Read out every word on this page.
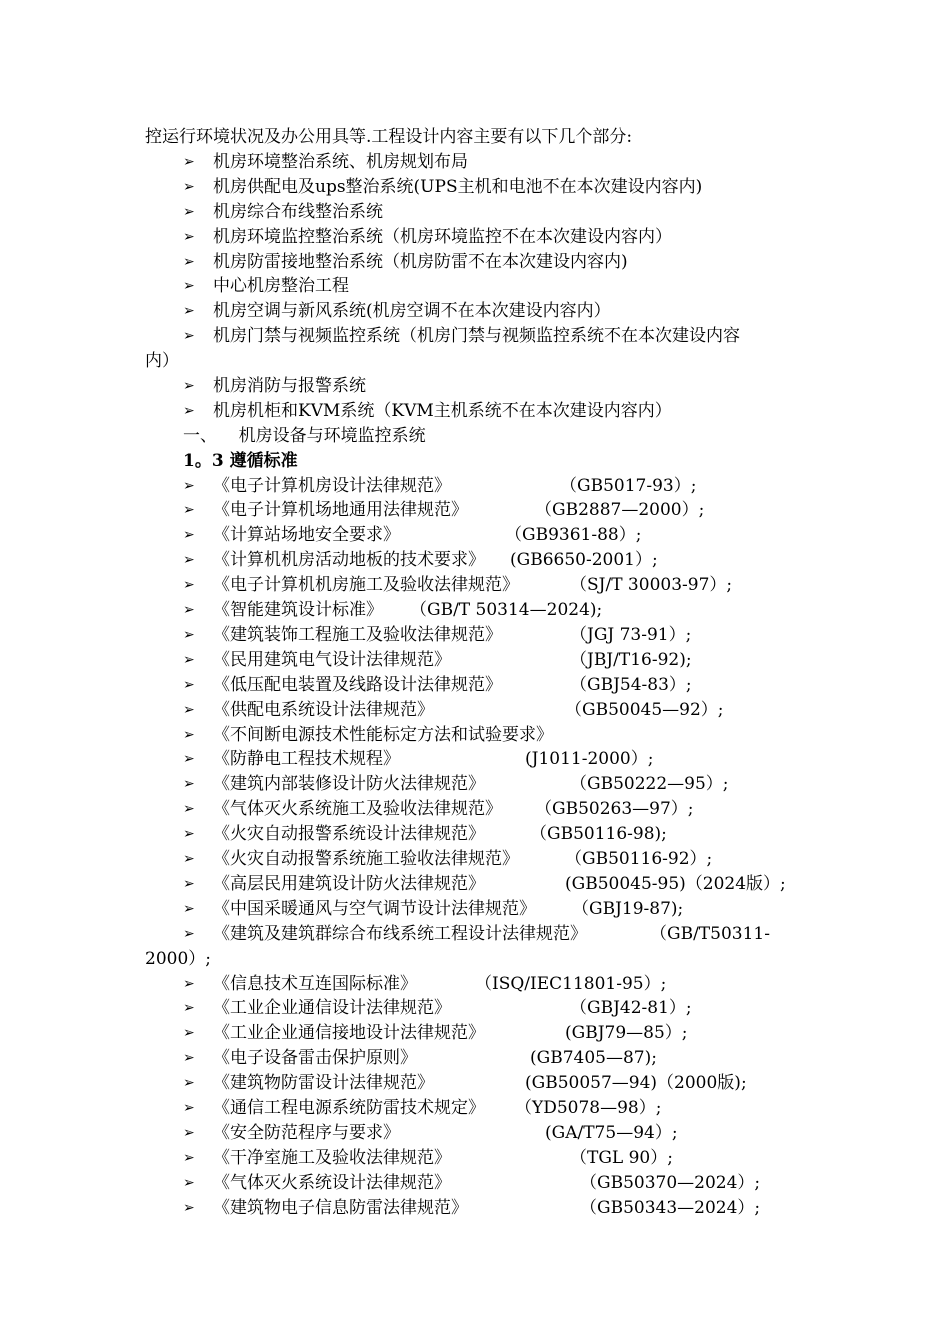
控运行环境状况及办公用具等.工程设计内容主要有以下几个部分:
➢ 机房环境整治系统、机房规划布局
➢ 机房供配电及ups整治系统(UPS主机和电池不在本次建设内容内)
➢ 机房综合布线整治系统
➢ 机房环境监控整治系统（机房环境监控不在本次建设内容内）
➢ 机房防雷接地整治系统（机房防雷不在本次建设内容内)
➢ 中心机房整治工程
➢ 机房空调与新风系统(机房空调不在本次建设内容内）
➢ 机房门禁与视频监控系统（机房门禁与视频监控系统不在本次建设内容
内）
➢ 机房消防与报警系统
➢ 机房机柜和KVM系统（KVM主机系统不在本次建设内容内）
一、    机房设备与环境监控系统
1。3 遵循标准
➢ 《电子计算机房设计法律规范》	（GB5017-93）;
➢ 《电子计算机场地通用法律规范》	（GB2887—2000）;
➢ 《计算站场地安全要求》	（GB9361-88）;
➢ 《计算机机房活动地板的技术要求》 (GB6650-2001）;
➢ 《电子计算机机房施工及验收法律规范》	（SJ/T 30003-97）;
➢ 《智能建筑设计标准》 （GB/T 50314—2024);
➢ 《建筑装饰工程施工及验收法律规范》	（JGJ 73-91）;
➢ 《民用建筑电气设计法律规范》	（JBJ/T16-92);
➢ 《低压配电装置及线路设计法律规范》	（GBJ54-83）;
➢ 《供配电系统设计法律规范》	（GB50045—92）;
➢ 《不间断电源技术性能标定方法和试验要求》
➢ 《防静电工程技术规程》	(J1011-2000）;
➢ 《建筑内部装修设计防火法律规范》	（GB50222—95）;
➢ 《气体灭火系统施工及验收法律规范》 （GB50263—97）;
➢ 《火灾自动报警系统设计法律规范》	（GB50116-98);
➢ 《火灾自动报警系统施工验收法律规范》	（GB50116-92）;
➢ 《高层民用建筑设计防火法律规范》	(GB50045-95)（2024版）;
➢ 《中国采暖通风与空气调节设计法律规范》 （GBJ19-87);
➢ 《建筑及建筑群综合布线系统工程设计法律规范》	（GB/T50311-
2000）;
➢ 《信息技术互连国际标准》	（ISQ/IEC11801-95）;
➢ 《工业企业通信设计法律规范》	（GBJ42-81）;
➢ 《工业企业通信接地设计法律规范》	(GBJ79—85）;
➢ 《电子设备雷击保护原则》	(GB7405—87);
➢ 《建筑物防雷设计法律规范》	(GB50057—94)（2000版);
➢ 《通信工程电源系统防雷技术规定》 （YD5078—98）;
➢ 《安全防范程序与要求》	(GA/T75—94）;
➢ 《干净室施工及验收法律规范》	（TGL 90）;
➢ 《气体灭火系统设计法律规范》	（GB50370—2024）;
➢ 《建筑物电子信息防雷法律规范》	（GB50343—2024）;
